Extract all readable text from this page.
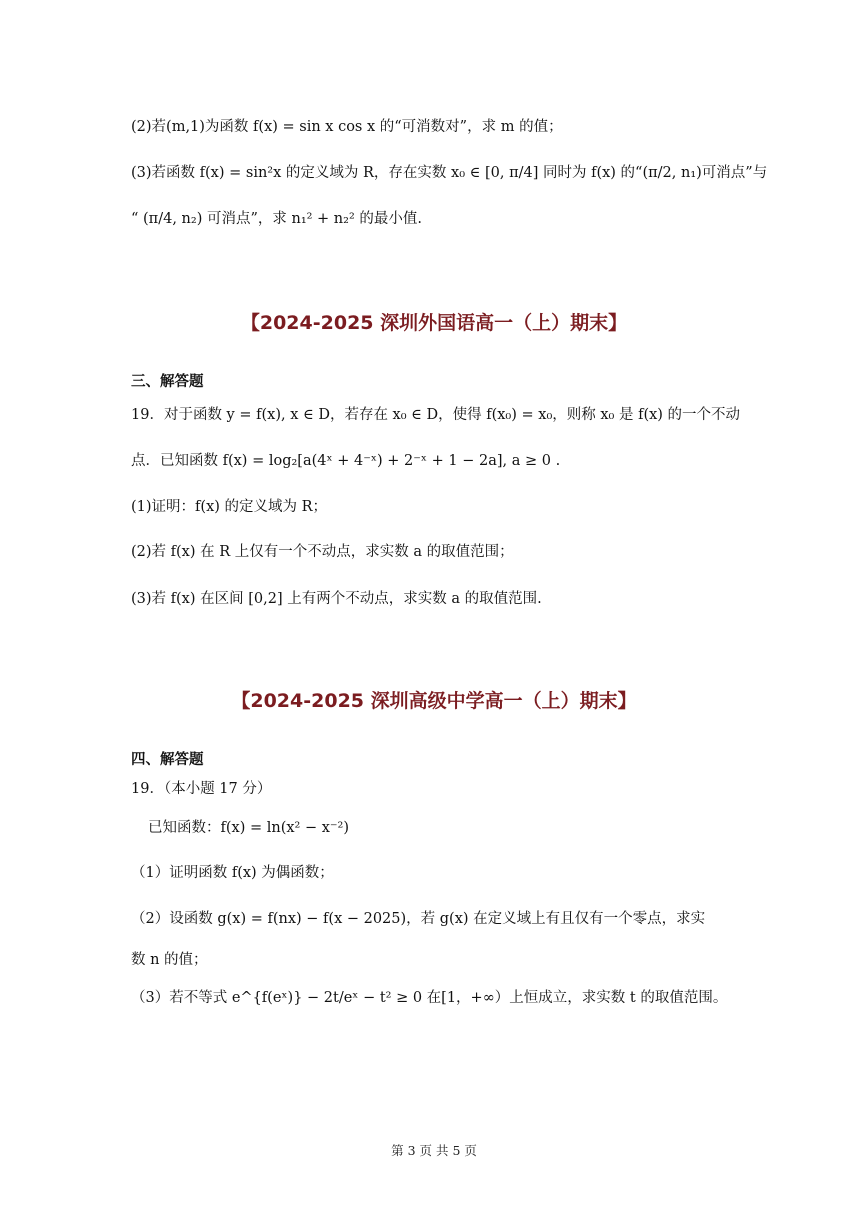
(2)若(m,1)为函数 f(x) = sin x cos x 的“可消数对”，求 m 的值；
(3)若函数 f(x) = sin²x 的定义域为 R，存在实数 x₀ ∈ [0, π/4] 同时为 f(x) 的“(π/2, n₁)可消点”与
“ (π/4, n₂) 可消点”，求 n₁² + n₂² 的最小值.
【2024-2025 深圳外国语高一（上）期末】
三、解答题
19．对于函数 y = f(x), x ∈ D，若存在 x₀ ∈ D，使得 f(x₀) = x₀，则称 x₀ 是 f(x) 的一个不动
点．已知函数 f(x) = log₂[a(4ˣ + 4⁻ˣ) + 2⁻ˣ + 1 − 2a], a ≥ 0 .
(1)证明：f(x) 的定义域为 R；
(2)若 f(x) 在 R 上仅有一个不动点，求实数 a 的取值范围；
(3)若 f(x) 在区间 [0,2] 上有两个不动点，求实数 a 的取值范围.
【2024-2025 深圳高级中学高一（上）期末】
四、解答题
19．（本小题 17 分）
已知函数：f(x) = ln(x² − x⁻²)
（1）证明函数 f(x) 为偶函数；
（2）设函数 g(x) = f(nx) − f(x − 2025)，若 g(x) 在定义域上有且仅有一个零点，求实
数 n 的值；
（3）若不等式 e^{f(eˣ)} − 2t/eˣ − t² ≥ 0 在[1，+∞）上恒成立，求实数 t 的取值范围。
第 3 页 共 5 页
